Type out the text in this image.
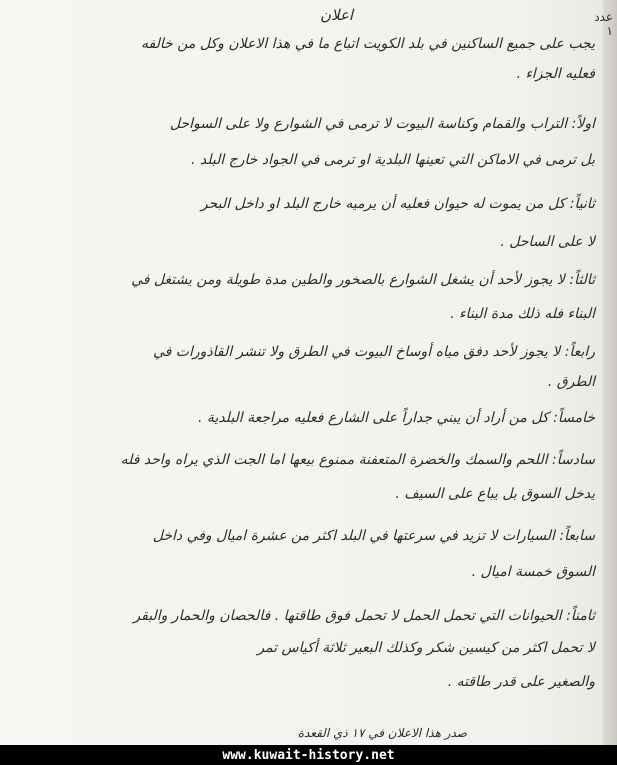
عدد
١
اعلان
يجب على جميع الساكنين في بلد الكويت اتباع ما في هذا الاعلان وكل من خالفه
فعليه الجزاء .
اولاً: التراب والقمام وكناسة البيوت لا ترمى في الشوارع ولا على السواحل
بل ترمى في الاماكن التي تعينها البلدية او ترمى في الجواد خارج البلد .
ثانياً: كل من يموت له حيوان فعليه أن يرميه خارج البلد او داخل البحر
لا على الساحل .
ثالثاً: لا يجوز لأحد أن يشغل الشوارع بالصخور والطين مدة طويلة ومن يشتغل في
البناء فله ذلك مدة البناء .
رابعاً: لا يجوز لأحد دفق مياه أوساخ البيوت في الطرق ولا تنشر القاذورات في
الطرق .
خامساً: كل من أراد أن يبني جداراً على الشارع فعليه مراجعة البلدية .
سادساً: اللحم والسمك والخضرة المتعفنة ممنوع بيعها اما الجت الذي يراه واحد فله
يدخل السوق بل يباع على السيف .
سابعاً: السيارات لا تزيد في سرعتها في البلد اكثر من عشرة اميال وفي داخل
السوق خمسة اميال .
ثامناً: الحيوانات التي تحمل الحمل لا تحمل فوق طاقتها . فالحصان والحمار والبقر
لا تحمل اكثر من كيسين شكر وكذلك البعير ثلاثة أكياس تمر
والصغير على قدر طاقته .
صدر هذا الاعلان في ١٧ ذي القعدة
www.kuwait-history.net
